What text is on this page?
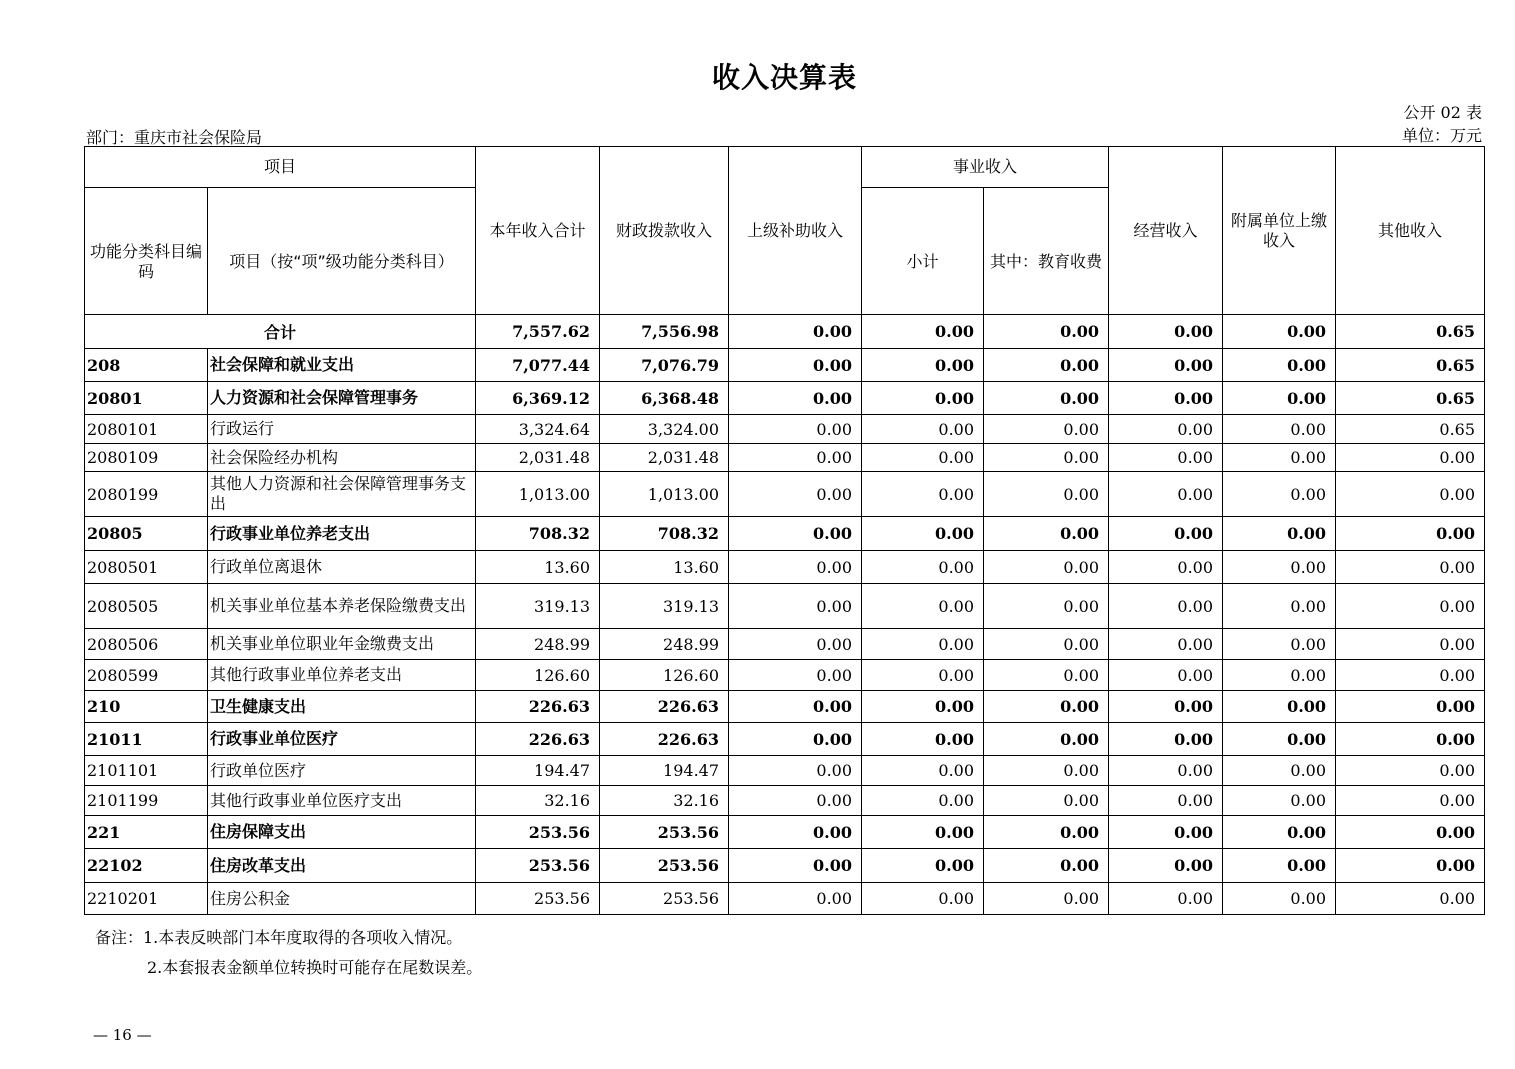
收入决算表
公开 02 表
部门：重庆市社会保险局	单位：万元
项目		本年收入合计	财政拨款收入	上级补助收入	事业收入		经营收入	附属单位上缴收入	其他收入
功能分类科目编码	项目（按“项”级功能分类科目）				小计	其中：教育收费			
合计		7,557.62	7,556.98	0.00	0.00	0.00	0.00	0.00	0.65
208	社会保障和就业支出	7,077.44	7,076.79	0.00	0.00	0.00	0.00	0.00	0.65
20801	人力资源和社会保障管理事务	6,369.12	6,368.48	0.00	0.00	0.00	0.00	0.00	0.65
2080101	行政运行	3,324.64	3,324.00	0.00	0.00	0.00	0.00	0.00	0.65
2080109	社会保险经办机构	2,031.48	2,031.48	0.00	0.00	0.00	0.00	0.00	0.00
2080199	其他人力资源和社会保障管理事务支出	1,013.00	1,013.00	0.00	0.00	0.00	0.00	0.00	0.00
20805	行政事业单位养老支出	708.32	708.32	0.00	0.00	0.00	0.00	0.00	0.00
2080501	行政单位离退休	13.60	13.60	0.00	0.00	0.00	0.00	0.00	0.00
2080505	机关事业单位基本养老保险缴费支出	319.13	319.13	0.00	0.00	0.00	0.00	0.00	0.00
2080506	机关事业单位职业年金缴费支出	248.99	248.99	0.00	0.00	0.00	0.00	0.00	0.00
2080599	其他行政事业单位养老支出	126.60	126.60	0.00	0.00	0.00	0.00	0.00	0.00
210	卫生健康支出	226.63	226.63	0.00	0.00	0.00	0.00	0.00	0.00
21011	行政事业单位医疗	226.63	226.63	0.00	0.00	0.00	0.00	0.00	0.00
2101101	行政单位医疗	194.47	194.47	0.00	0.00	0.00	0.00	0.00	0.00
2101199	其他行政事业单位医疗支出	32.16	32.16	0.00	0.00	0.00	0.00	0.00	0.00
221	住房保障支出	253.56	253.56	0.00	0.00	0.00	0.00	0.00	0.00
22102	住房改革支出	253.56	253.56	0.00	0.00	0.00	0.00	0.00	0.00
2210201	住房公积金	253.56	253.56	0.00	0.00	0.00	0.00	0.00	0.00
备注：1.本表反映部门本年度取得的各项收入情况。
2.本套报表金额单位转换时可能存在尾数误差。
— 16 —
